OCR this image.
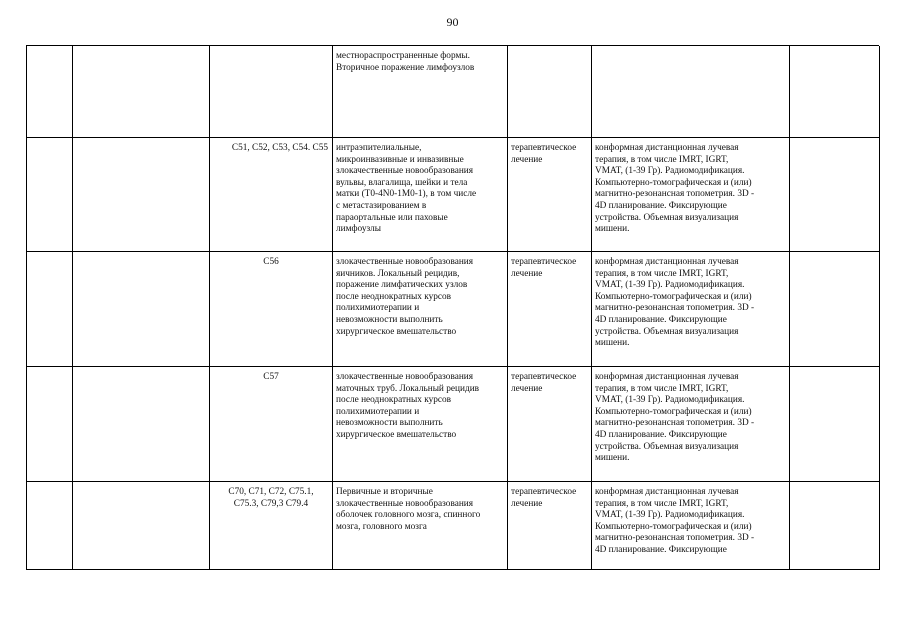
90
местнораспространенные формы.
Вторичное поражение лимфоузлов
C51, C52, C53, C54. C55 интраэпителиальные,
микроинвазивные и инвазивные
злокачественные новообразования
вульвы, влагалища, шейки и тела
матки (T0-4N0-1M0-1), в том числе
с метастазированием в
параортальные или паховые
лимфоузлы
терапевтическое
лечение
конформная дистанционная лучевая
терапия, в том числе IMRT, IGRT,
VMAT, (1-39 Гр). Радиомодификация.
Компьютерно-томографическая и (или)
магнитно-резонансная топометрия. 3D -
4D планирование. Фиксирующие
устройства. Объемная визуализация
мишени.
C56	злокачественные новообразования
яичников. Локальный рецидив,
поражение лимфатических узлов
после неоднократных курсов
полихимиотерапии и
невозможности выполнить
хирургическое вмешательство
терапевтическое
лечение
конформная дистанционная лучевая
терапия, в том числе IMRT, IGRT,
VMAT, (1-39 Гр). Радиомодификация.
Компьютерно-томографическая и (или)
магнитно-резонансная топометрия. 3D -
4D планирование. Фиксирующие
устройства. Объемная визуализация
мишени.
C57	злокачественные новообразования
маточных труб. Локальный рецидив
после неоднократных курсов
полихимиотерапии и
невозможности выполнить
хирургическое вмешательство
терапевтическое
лечение
конформная дистанционная лучевая
терапия, в том числе IMRT, IGRT,
VMAT, (1-39 Гр). Радиомодификация.
Компьютерно-томографическая и (или)
магнитно-резонансная топометрия. 3D -
4D планирование. Фиксирующие
устройства. Объемная визуализация
мишени.
C70, C71, C72, C75.1,
C75.3, C79,3 C79.4
Первичные и вторичные
злокачественные новообразования
оболочек головного мозга, спинного
мозга, головного мозга
терапевтическое
лечение
конформная дистанционная лучевая
терапия, в том числе IMRT, IGRT,
VMAT, (1-39 Гр). Радиомодификация.
Компьютерно-томографическая и (или)
магнитно-резонансная топометрия. 3D -
4D планирование. Фиксирующие
